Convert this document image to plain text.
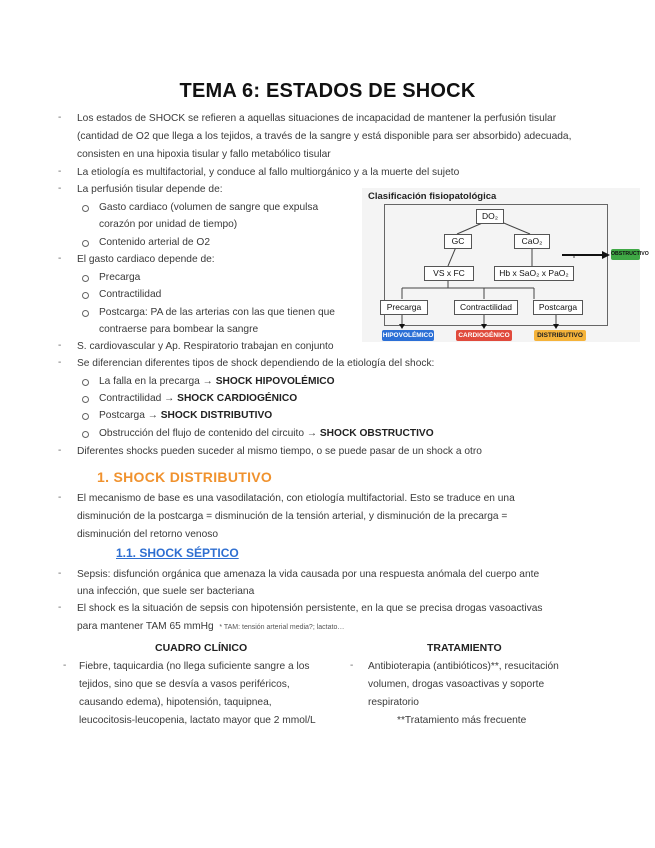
TEMA 6: ESTADOS DE SHOCK
- Los estados de SHOCK se refieren a aquellas situaciones de incapacidad de mantener la perfusión tisular
(cantidad de O2 que llega a los tejidos, a través de la sangre y está disponible para ser absorbido) adecuada,
consisten en una hipoxia tisular y fallo metabólico tisular
- La etiología es multifactorial, y conduce al fallo multiorgánico y a la muerte del sujeto
- La perfusión tisular depende de:
Gasto cardiaco (volumen de sangre que expulsa
corazón por unidad de tiempo)
Contenido arterial de O2
- El gasto cardiaco depende de:
Precarga
Contractilidad
Postcarga: PA de las arterias con las que tienen que
contraerse para bombear la sangre
- S. cardiovascular y Ap. Respiratorio trabajan en conjunto
- Se diferencian diferentes tipos de shock dependiendo de la etiología del shock:
La falla en la precarga → SHOCK HIPOVOLÉMICO
Contractilidad → SHOCK CARDIOGÉNICO
Postcarga → SHOCK DISTRIBUTIVO
Obstrucción del flujo de contenido del circuito → SHOCK OBSTRUCTIVO
- Diferentes shocks pueden suceder al mismo tiempo, o se puede pasar de un shock a otro
Clasificación fisiopatológica
DO₂
GC	CaO₂
VS x FC	Hb x SaO₂ x PaO₂
Precarga	Contractilidad	Postcarga
HIPOVOLÉMICO	CARDIOGÉNICO	DISTRIBUTIVO
OBSTRUCTIVO
1. SHOCK DISTRIBUTIVO
- El mecanismo de base es una vasodilatación, con etiología multifactorial. Esto se traduce en una
disminución de la postcarga = disminución de la tensión arterial, y disminución de la precarga =
disminución del retorno venoso
1.1. SHOCK SÉPTICO
- Sepsis: disfunción orgánica que amenaza la vida causada por una respuesta anómala del cuerpo ante
una infección, que suele ser bacteriana
- El shock es la situación de sepsis con hipotensión persistente, en la que se precisa drogas vasoactivas
para mantener TAM 65 mmHg * TAM: tensión arterial media?; lactato…
CUADRO CLÍNICO	TRATAMIENTO
- Fiebre, taquicardia (no llega suficiente sangre a los
tejidos, sino que se desvía a vasos periféricos,
causando edema), hipotensión, taquipnea,
leucocitosis-leucopenia, lactato mayor que 2 mmol/L
- Antibioterapia (antibióticos)**, resucitación
volumen, drogas vasoactivas y soporte
respiratorio
**Tratamiento más frecuente
